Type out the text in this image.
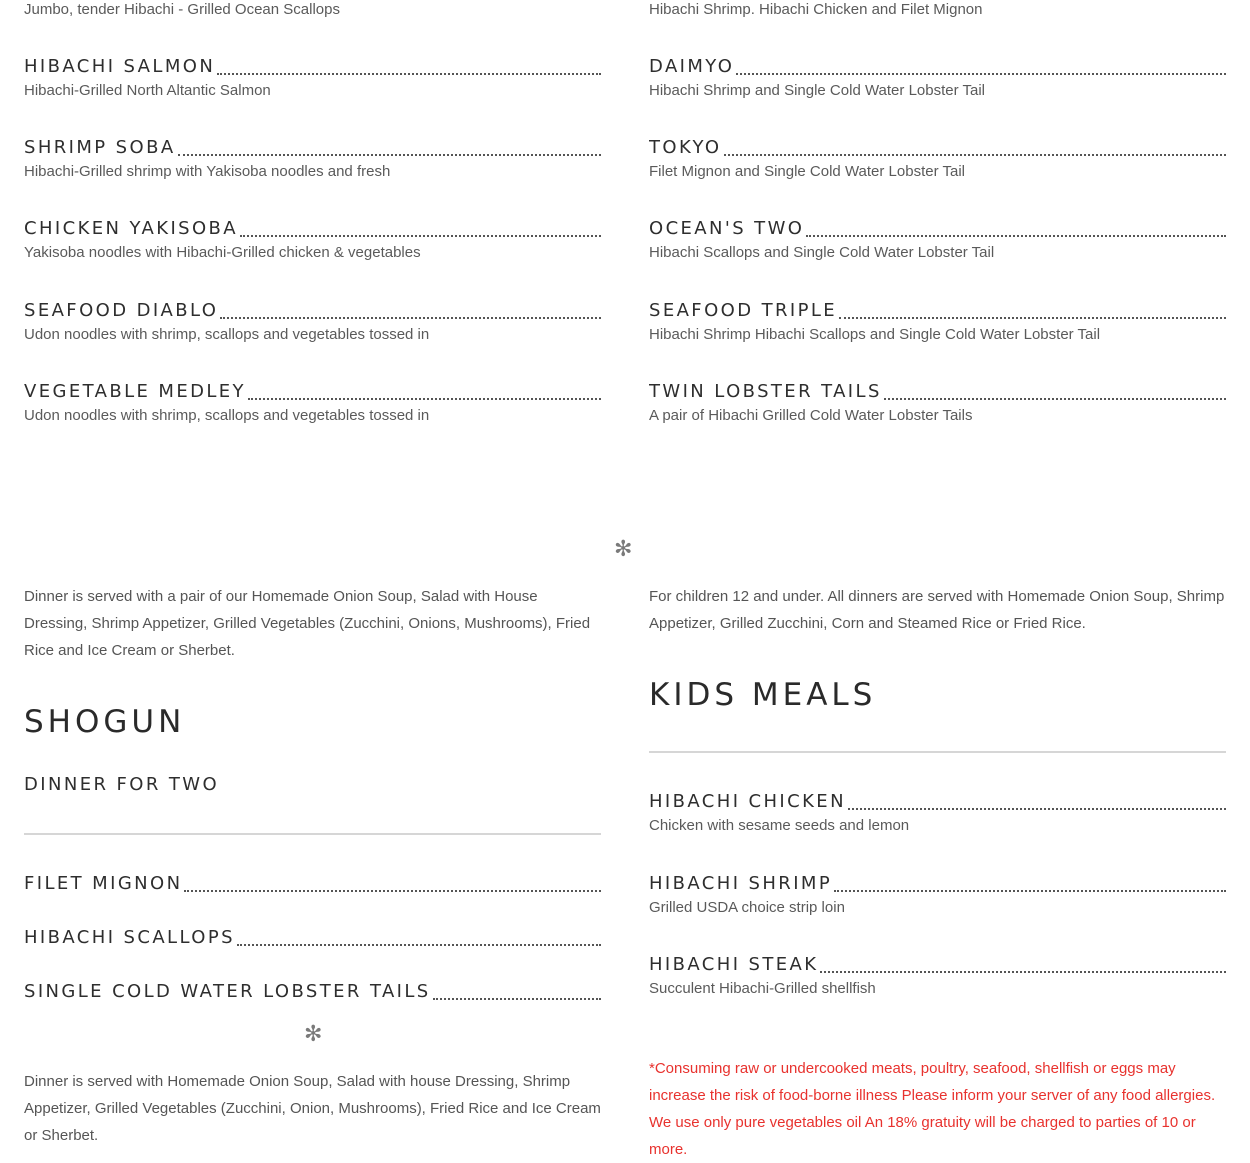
Jumbo, tender Hibachi - Grilled Ocean Scallops
HIBACHI SALMON
Hibachi-Grilled North Altantic Salmon
SHRIMP SOBA
Hibachi-Grilled shrimp with Yakisoba noodles and fresh
CHICKEN YAKISOBA
Yakisoba noodles with Hibachi-Grilled chicken & vegetables
SEAFOOD DIABLO
Udon noodles with shrimp, scallops and vegetables tossed in
VEGETABLE MEDLEY
Udon noodles with shrimp, scallops and vegetables tossed in
Dinner is served with a pair of our Homemade Onion Soup, Salad with House Dressing, Shrimp Appetizer, Grilled Vegetables (Zucchini, Onions, Mushrooms), Fried Rice and Ice Cream or Sherbet.
SHOGUN
DINNER FOR TWO
FILET MIGNON
HIBACHI SCALLOPS
SINGLE COLD WATER LOBSTER TAILS
✻
Dinner is served with Homemade Onion Soup, Salad with house Dressing, Shrimp Appetizer, Grilled Vegetables (Zucchini, Onion, Mushrooms), Fried Rice and Ice Cream or Sherbet.
✻
Hibachi Shrimp. Hibachi Chicken and Filet Mignon
DAIMYO
Hibachi Shrimp and Single Cold Water Lobster Tail
TOKYO
Filet Mignon and Single Cold Water Lobster Tail
OCEAN'S TWO
Hibachi Scallops and Single Cold Water Lobster Tail
SEAFOOD TRIPLE
Hibachi Shrimp Hibachi Scallops and Single Cold Water Lobster Tail
TWIN LOBSTER TAILS
A pair of Hibachi Grilled Cold Water Lobster Tails
For children 12 and under. All dinners are served with Homemade Onion Soup, Shrimp Appetizer, Grilled Zucchini, Corn and Steamed Rice or Fried Rice.
KIDS MEALS
HIBACHI CHICKEN
Chicken with sesame seeds and lemon
HIBACHI SHRIMP
Grilled USDA choice strip loin
HIBACHI STEAK
Succulent Hibachi-Grilled shellfish
*Consuming raw or undercooked meats, poultry, seafood, shellfish or eggs may increase the risk of food-borne illness Please inform your server of any food allergies. We use only pure vegetables oil An 18% gratuity will be charged to parties of 10 or more.
